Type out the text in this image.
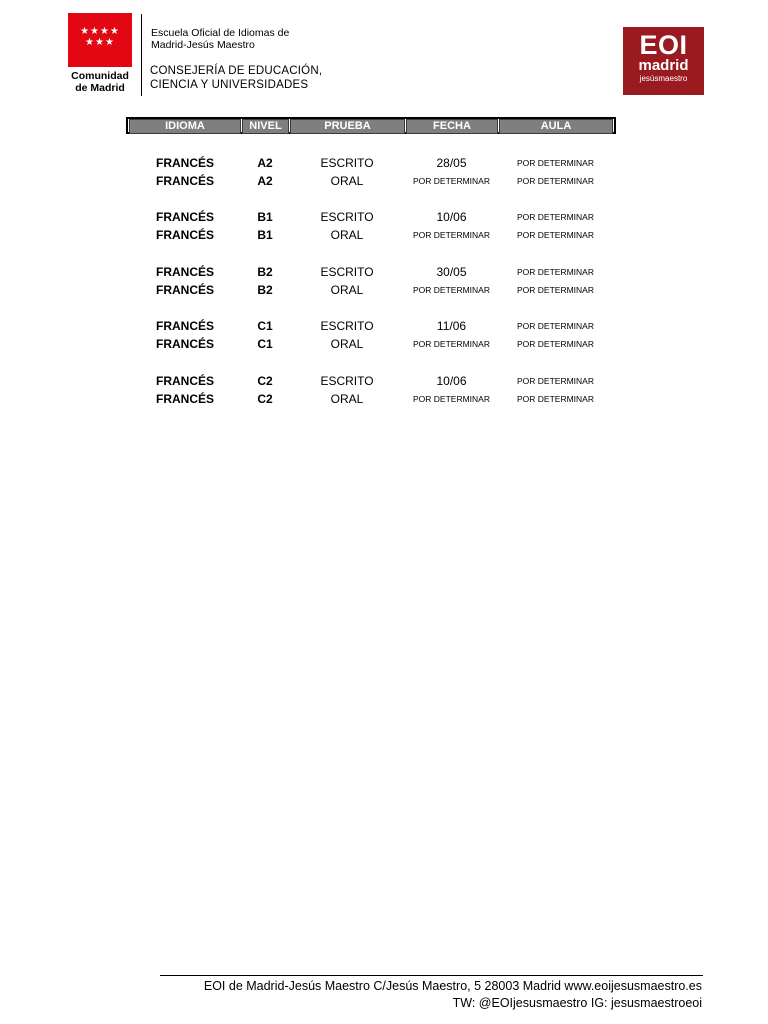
★★★★
★★★
Comunidad
de Madrid
Escuela Oficial de Idiomas de
Madrid-Jesús Maestro
CONSEJERÍA DE EDUCACIÓN,
CIENCIA Y UNIVERSIDADES
EOI
madrid
jesúsmaestro
IDIOMA	NIVEL	PRUEBA	FECHA	AULA
FRANCÉS	A2	ESCRITO	28/05	POR DETERMINAR
FRANCÉS	A2	ORAL	POR DETERMINAR	POR DETERMINAR
FRANCÉS	B1	ESCRITO	10/06	POR DETERMINAR
FRANCÉS	B1	ORAL	POR DETERMINAR	POR DETERMINAR
FRANCÉS	B2	ESCRITO	30/05	POR DETERMINAR
FRANCÉS	B2	ORAL	POR DETERMINAR	POR DETERMINAR
FRANCÉS	C1	ESCRITO	11/06	POR DETERMINAR
FRANCÉS	C1	ORAL	POR DETERMINAR	POR DETERMINAR
FRANCÉS	C2	ESCRITO	10/06	POR DETERMINAR
FRANCÉS	C2	ORAL	POR DETERMINAR	POR DETERMINAR
EOI de Madrid-Jesús Maestro C/Jesús Maestro, 5 28003 Madrid www.eoijesusmaestro.es
TW: @EOIjesusmaestro IG: jesusmaestroeoi
